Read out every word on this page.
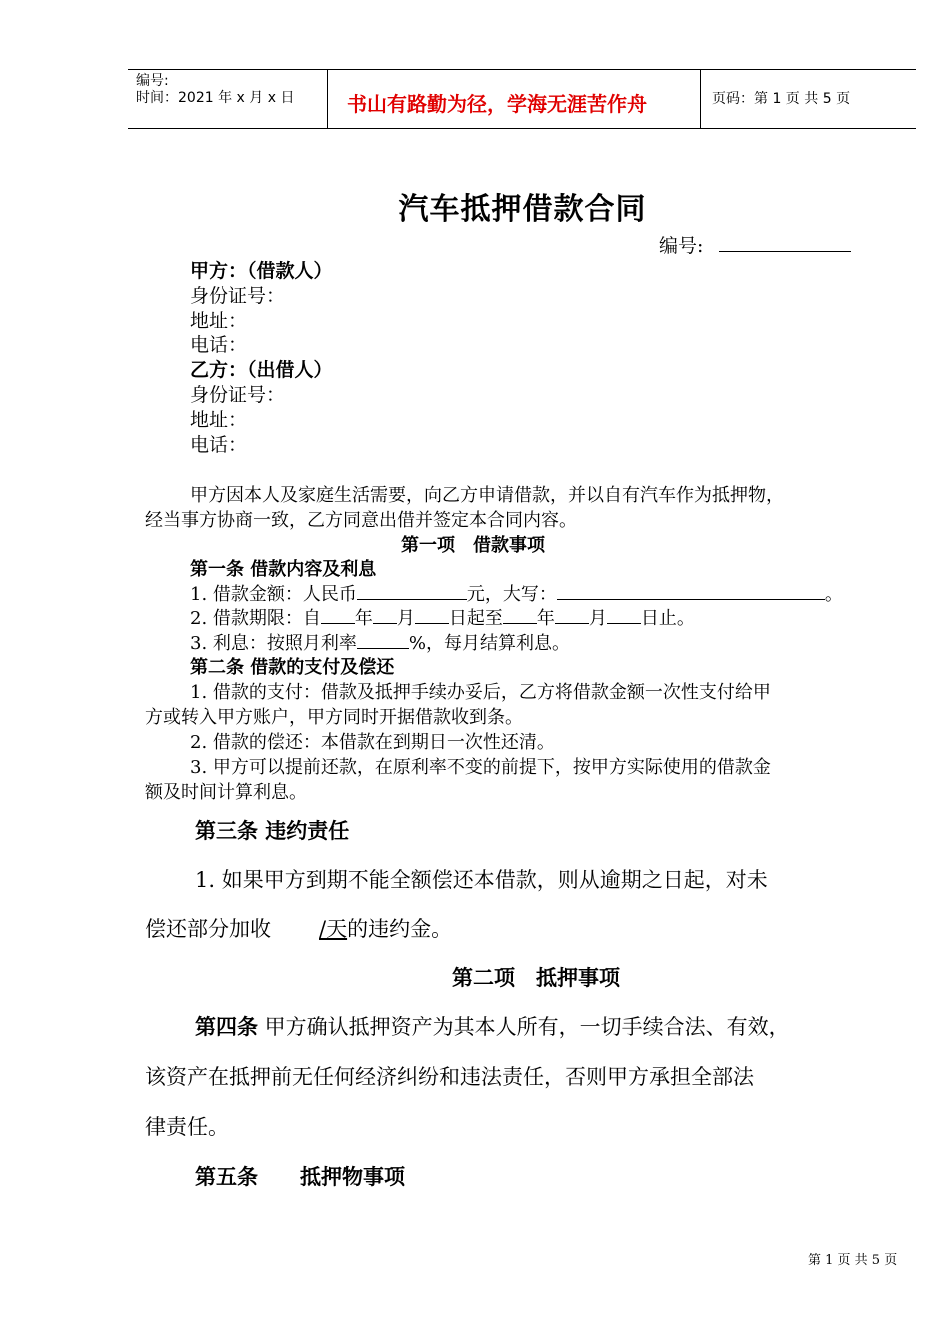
编号:
时间：2021 年 x 月 x 日	书山有路勤为径，学海无涯苦作舟	页码：第 1 页 共 5 页
汽车抵押借款合同
编号:
甲方：（借款人）
身份证号：
地址：
电话：
乙方：（出借人）
身份证号：
地址：
电话：
甲方因本人及家庭生活需要，向乙方申请借款，并以自有汽车作为抵押物，
经当事方协商一致，乙方同意出借并签定本合同内容。
第一项　借款事项
第一条 借款内容及利息
1. 借款金额：人民币	元，大写：	。
2. 借款期限：自 年 月 日起至 年 月 日止。
3. 利息：按照月利率	%，每月结算利息。
第二条 借款的支付及偿还
1. 借款的支付：借款及抵押手续办妥后，乙方将借款金额一次性支付给甲
方或转入甲方账户，甲方同时开据借款收到条。
2. 借款的偿还：本借款在到期日一次性还清。
3. 甲方可以提前还款，在原利率不变的前提下，按甲方实际使用的借款金
额及时间计算利息。
第三条 违约责任
1. 如果甲方到期不能全额偿还本借款，则从逾期之日起，对未
偿还部分加收 /天的违约金。
第二项　抵押事项
第四条 甲方确认抵押资产为其本人所有，一切手续合法、有效，
该资产在抵押前无任何经济纠纷和违法责任，否则甲方承担全部法
律责任。
第五条　　抵押物事项
第 1 页 共 5 页
